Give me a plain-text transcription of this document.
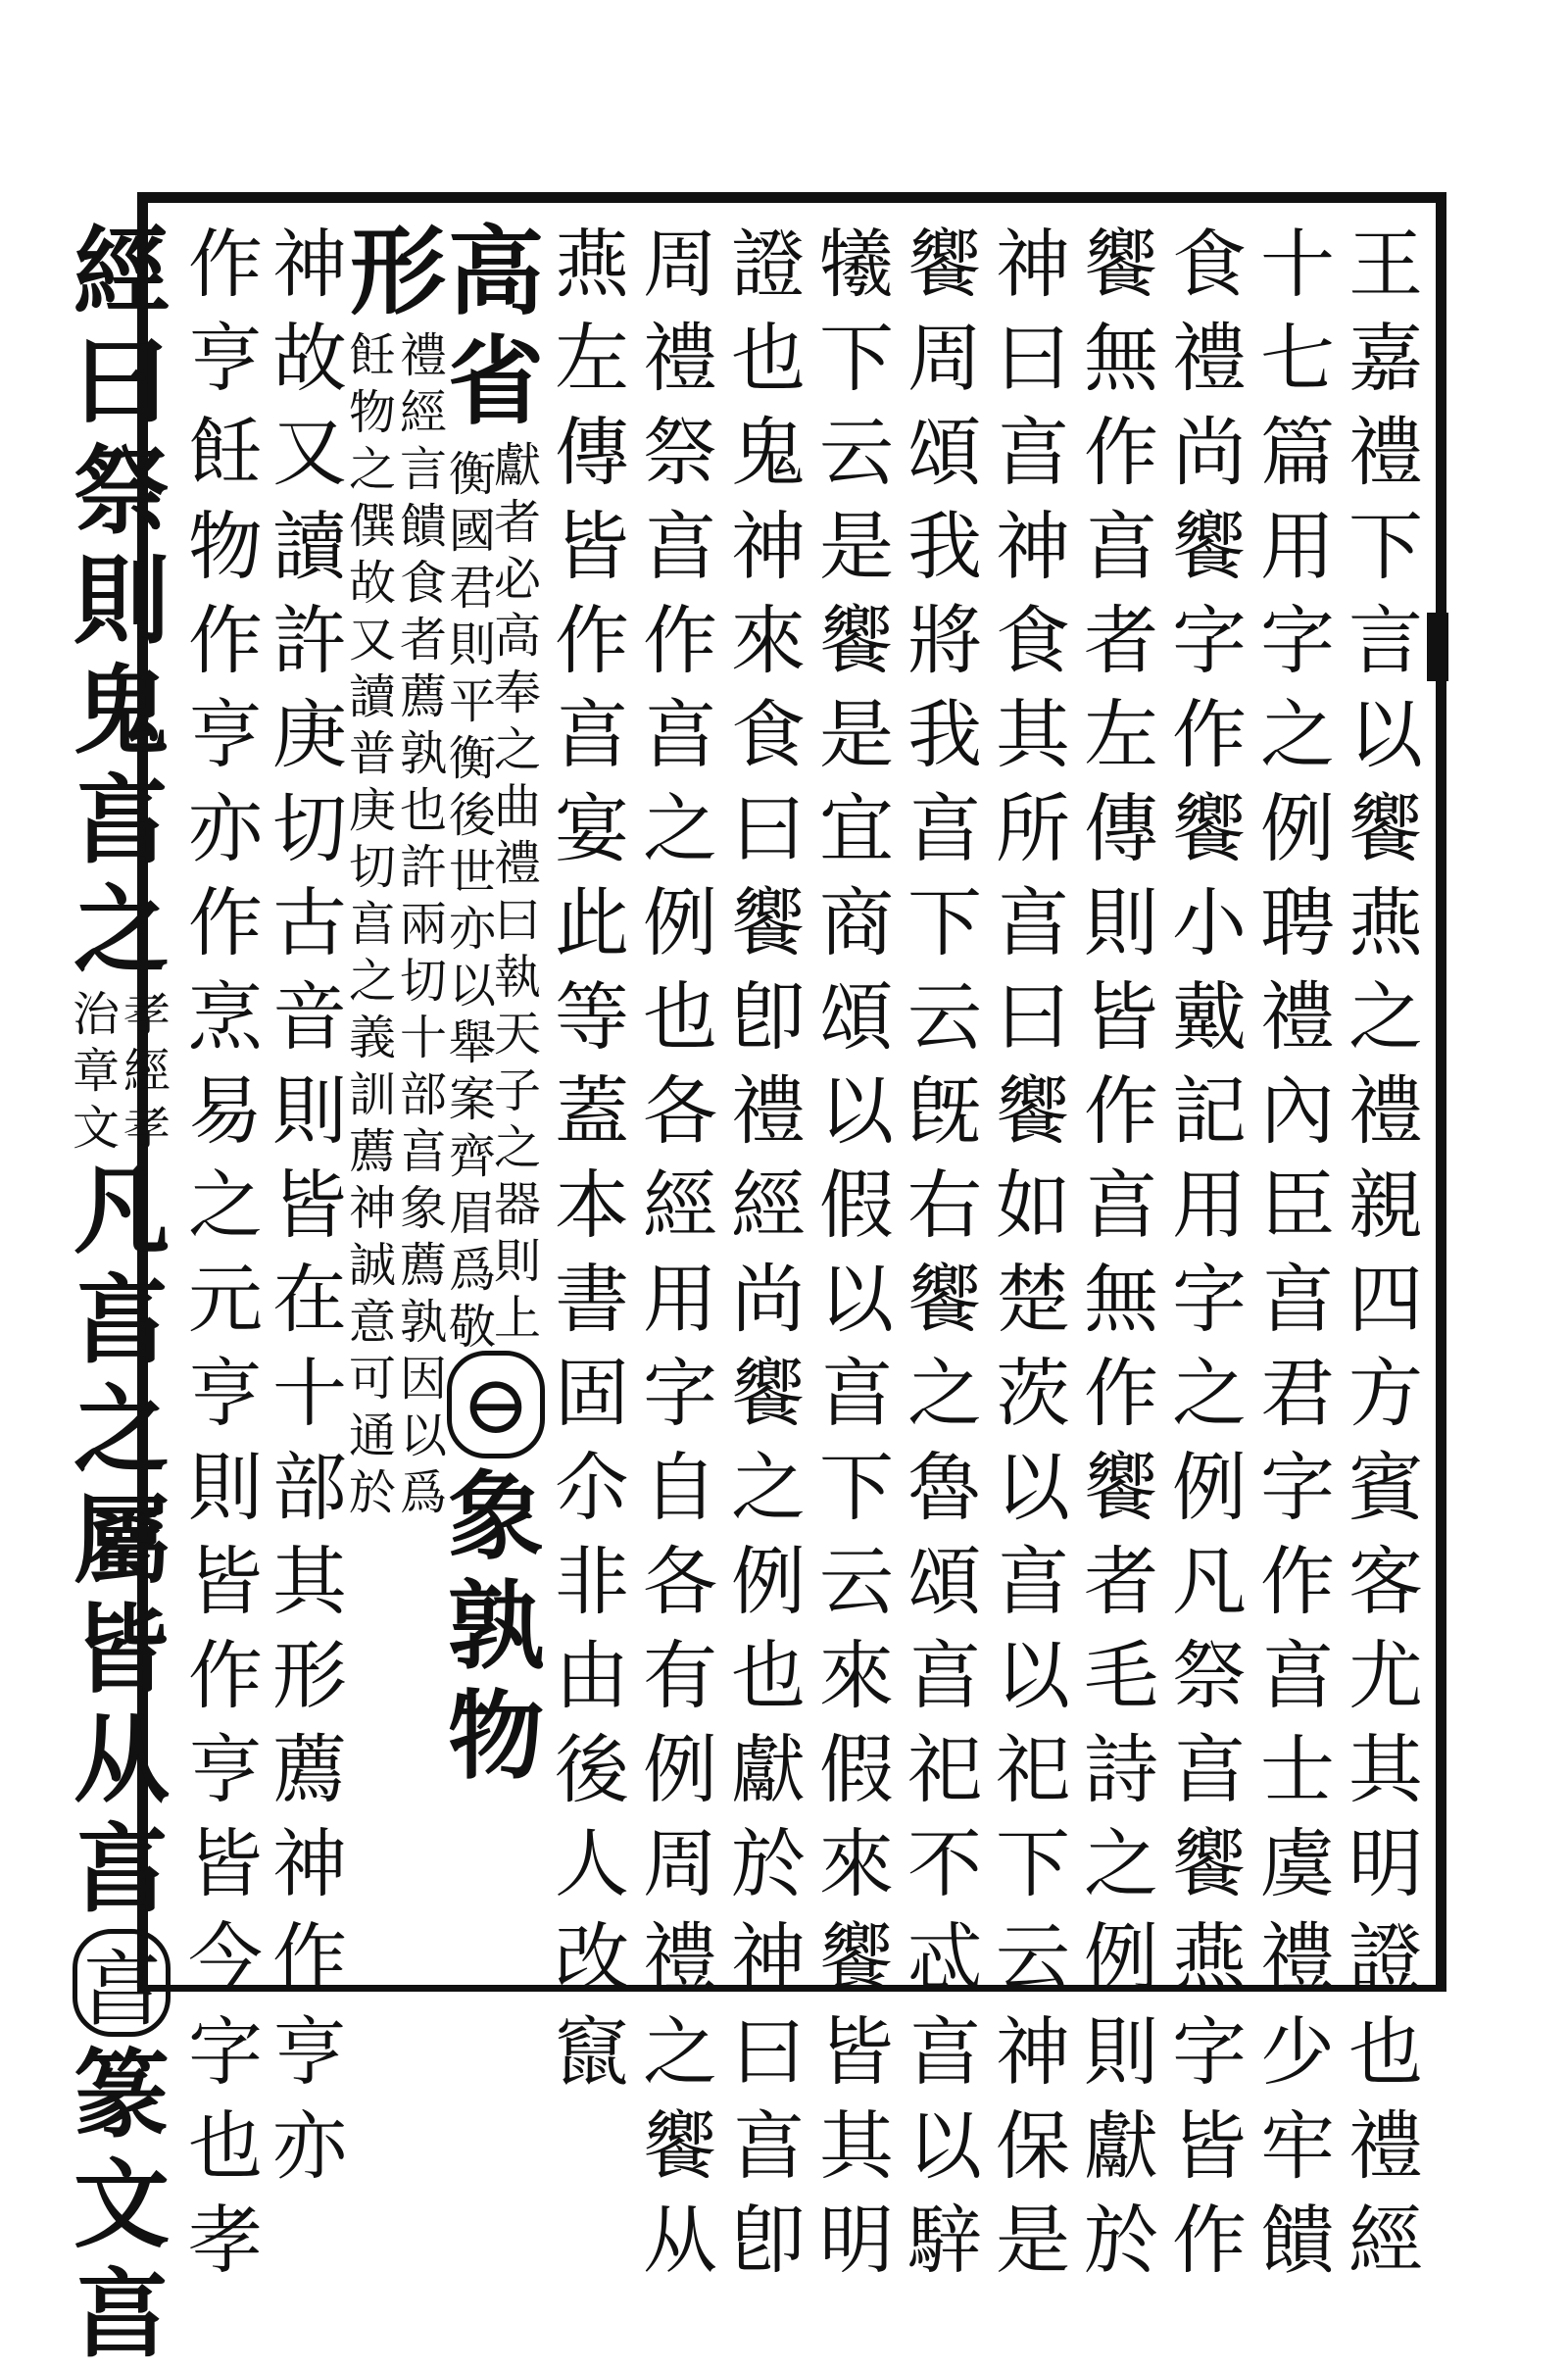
王
嘉
禮
下
言
以
饗
燕
之
禮
親
四
方
賓
客
尤
其
明
證
也
禮
經
十
七
篇
用
字
之
例
聘
禮
內
臣
亯
君
字
作
亯
士
虞
禮
少
牢
饋
食
禮
尚
饗
字
作
饗
小
戴
記
用
字
之
例
凡
祭
亯
饗
燕
字
皆
作
饗
無
作
亯
者
左
傳
則
皆
作
亯
無
作
饗
者
毛
詩
之
例
則
獻
於
神
曰
亯
神
食
其
所
亯
曰
饗
如
楚
茨
以
亯
以
祀
下
云
神
保
是
饗
周
頌
我
將
我
亯
下
云
旣
右
饗
之
魯
頌
亯
祀
不
忒
亯
以
騂
犧
下
云
是
饗
是
宜
商
頌
以
假
以
亯
下
云
來
假
來
饗
皆
其
明
證
也
鬼
神
來
食
曰
饗
卽
禮
經
尚
饗
之
例
也
獻
於
神
曰
亯
卽
周
禮
祭
亯
作
亯
之
例
也
各
經
用
字
自
各
有
例
周
禮
之
饗
从
燕
左
傳
皆
作
亯
宴
此
等
蓋
本
書
固
尒
非
由
後
人
改
竄
高
省
獻
者
必
高
奉
之
曲
禮
曰
執
天
子
之
器
則
上
⊖
象
孰
物
衡
國
君
則
平
衡
後
世
亦
以
舉
案
齊
眉
爲
敬
形
禮
經
言
饋
食
者
薦
孰
也
許
兩
切
十
部
亯
象
薦
孰
因
以
爲
飪
物
之
僎
故
又
讀
普
庚
切
亯
之
義
訓
薦
神
誠
意
可
通
於
神
故
又
讀
許
庚
切
古
音
則
皆
在
十
部
其
形
薦
神
作
亨
亦
作
亨
飪
物
作
亨
亦
作
烹
易
之
元
亨
則
皆
作
亨
皆
今
字
也
孝
經
曰
祭
則
鬼
亯
之
孝
經
孝
治
章
文
凡
亯
之
屬
皆
从
亯
亯
篆
文
亯
